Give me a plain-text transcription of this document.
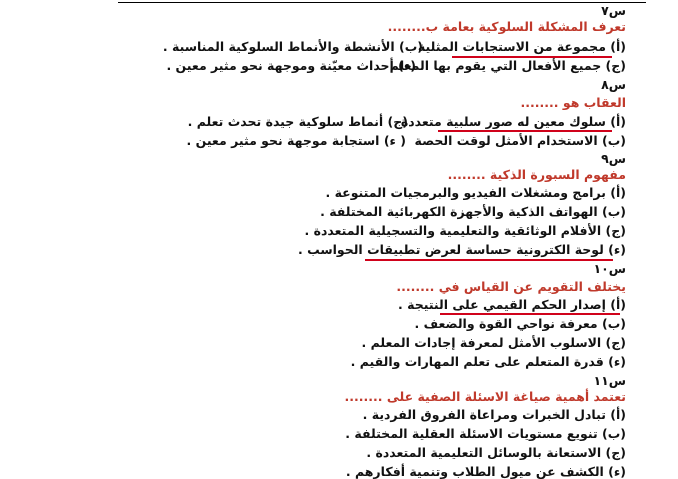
س٧
تعرف المشكلة السلوكية بعامة ب........
(أ) مجموعة من الاستجابات المثلية
(ب) الأنشطة والأنماط السلوكية المناسبة .
(ج) جميع الأفعال التي يقوم بها المعلم
(ء) أحداث معيّنة وموجهة نحو مثير معين .
س٨
العقاب هو ........
(أ) سلوك معين له صور سلبية متعددة
(ج) أنماط سلوكية جيدة تحدث تعلم .
(ب) الاستخدام الأمثل لوقت الحصة
( ء) استجابة موجهة نحو مثير معين .
س٩
مفهوم السبورة الذكية ........
(أ) برامج ومشغلات الفيديو والبرمجيات المتنوعة .
(ب) الهواتف الذكية والأجهزة الكهربائية المختلفة .
(ج) الأفلام الوثائقية والتعليمية والتسجيلية المتعددة .
(ء) لوحة الكترونية حساسة لعرض تطبيقات الحواسب .
س١٠
يختلف التقويم عن القياس في ........
(أ) إصدار الحكم القيمي على النتيجة .
(ب) معرفة نواحي القوة والضعف .
(ج) الاسلوب الأمثل لمعرفة إجادات المعلم .
(ء) قدرة المتعلم على تعلم المهارات والقيم .
س١١
تعتمد أهمية صياغة الاسئلة الصفية على ........
(أ) تبادل الخبرات ومراعاة الفروق الفردية .
(ب) تنويع مستويات الاسئلة العقلية المختلفة .
(ج) الاستعانة بالوسائل التعليمية المتعددة .
(ء) الكشف عن ميول الطلاب وتنمية أفكارهم .
